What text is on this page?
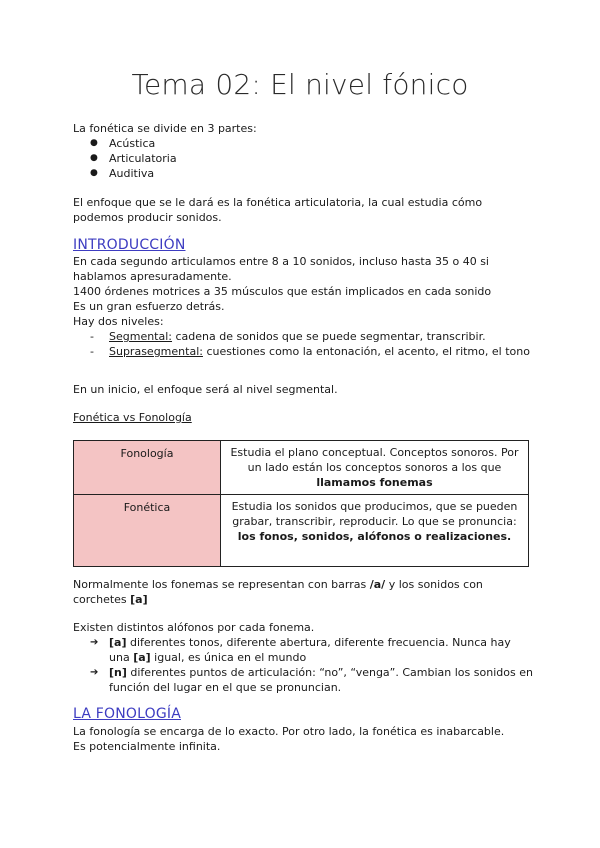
Tema 02: El nivel fónico

La fonética se divide en 3 partes:

● Acústica
● Articulatoria
● Auditiva

El enfoque que se le dará es la fonética articulatoria, la cual estudia cómo

podemos producir sonidos.

INTRODUCCIÓN

En cada segundo articulamos entre 8 a 10 sonidos, incluso hasta 35 o 40 si

hablamos apresuradamente.

1400 órdenes motrices a 35 músculos que están implicados en cada sonido

Es un gran esfuerzo detrás.

Hay dos niveles:

- Segmental: cadena de sonidos que se puede segmentar, transcribir.
- Suprasegmental: cuestiones como la entonación, el acento, el ritmo, el tono

En un inicio, el enfoque será al nivel segmental.

Fonética vs Fonología
Fonología	Estudia el plano conceptual. Conceptos sonoros. Por un lado están los conceptos sonoros a los que llamamos fonemas
Fonética	Estudia los sonidos que producimos, que se pueden grabar, transcribir, reproducir. Lo que se pronuncia: los fonos, sonidos, alófonos o realizaciones.

Normalmente los fonemas se representan con barras /a/ y los sonidos con

corchetes [a]

Existen distintos alófonos por cada fonema.

➔ [a] diferentes tonos, diferente abertura, diferente frecuencia. Nunca hay una [a] igual, es única en el mundo
➔ [n] diferentes puntos de articulación: “no”, “venga”. Cambian los sonidos en función del lugar en el que se pronuncian.
LA FONOLOGÍA

La fonología se encarga de lo exacto. Por otro lado, la fonética es inabarcable.

Es potencialmente infinita.
